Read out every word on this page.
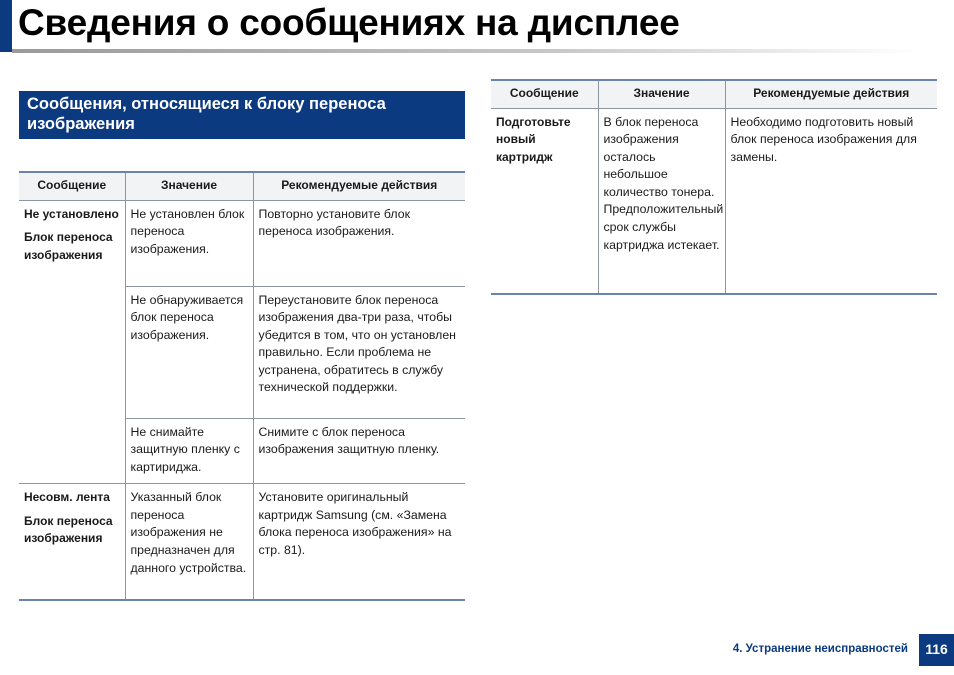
Сведения о сообщениях на дисплее
Сообщения, относящиеся к блоку переноса изображения
Сообщение	Значение	Рекомендуемые действия

Не установлено
Блок переноса изображения	Не установлен блок переноса изображения.	Повторно установите блок переноса изображения.
	Не обнаруживается блок переноса изображения.	Переустановите блок переноса изображения два-три раза, чтобы убедится в том, что он установлен правильно. Если проблема не устранена, обратитесь в службу технической поддержки.
	Не снимайте защитную пленку с картириджа.	Снимите с блок переноса изображения защитную пленку.

Несовм. лента
Блок переноса изображения	Указанный блок переноса изображения не предназначен для данного устройства.	Установите оригинальный картридж Samsung (см. «Замена блока переноса изображения» на стр. 81).
Сообщение	Значение	Рекомендуемые действия

Подготовьте новый картридж	В блок переноса изображения осталось небольшое количество тонера. Предположительный срок службы картриджа истекает.	Необходимо подготовить новый блок переноса изображения для замены.
4. Устранение неисправностей	116
